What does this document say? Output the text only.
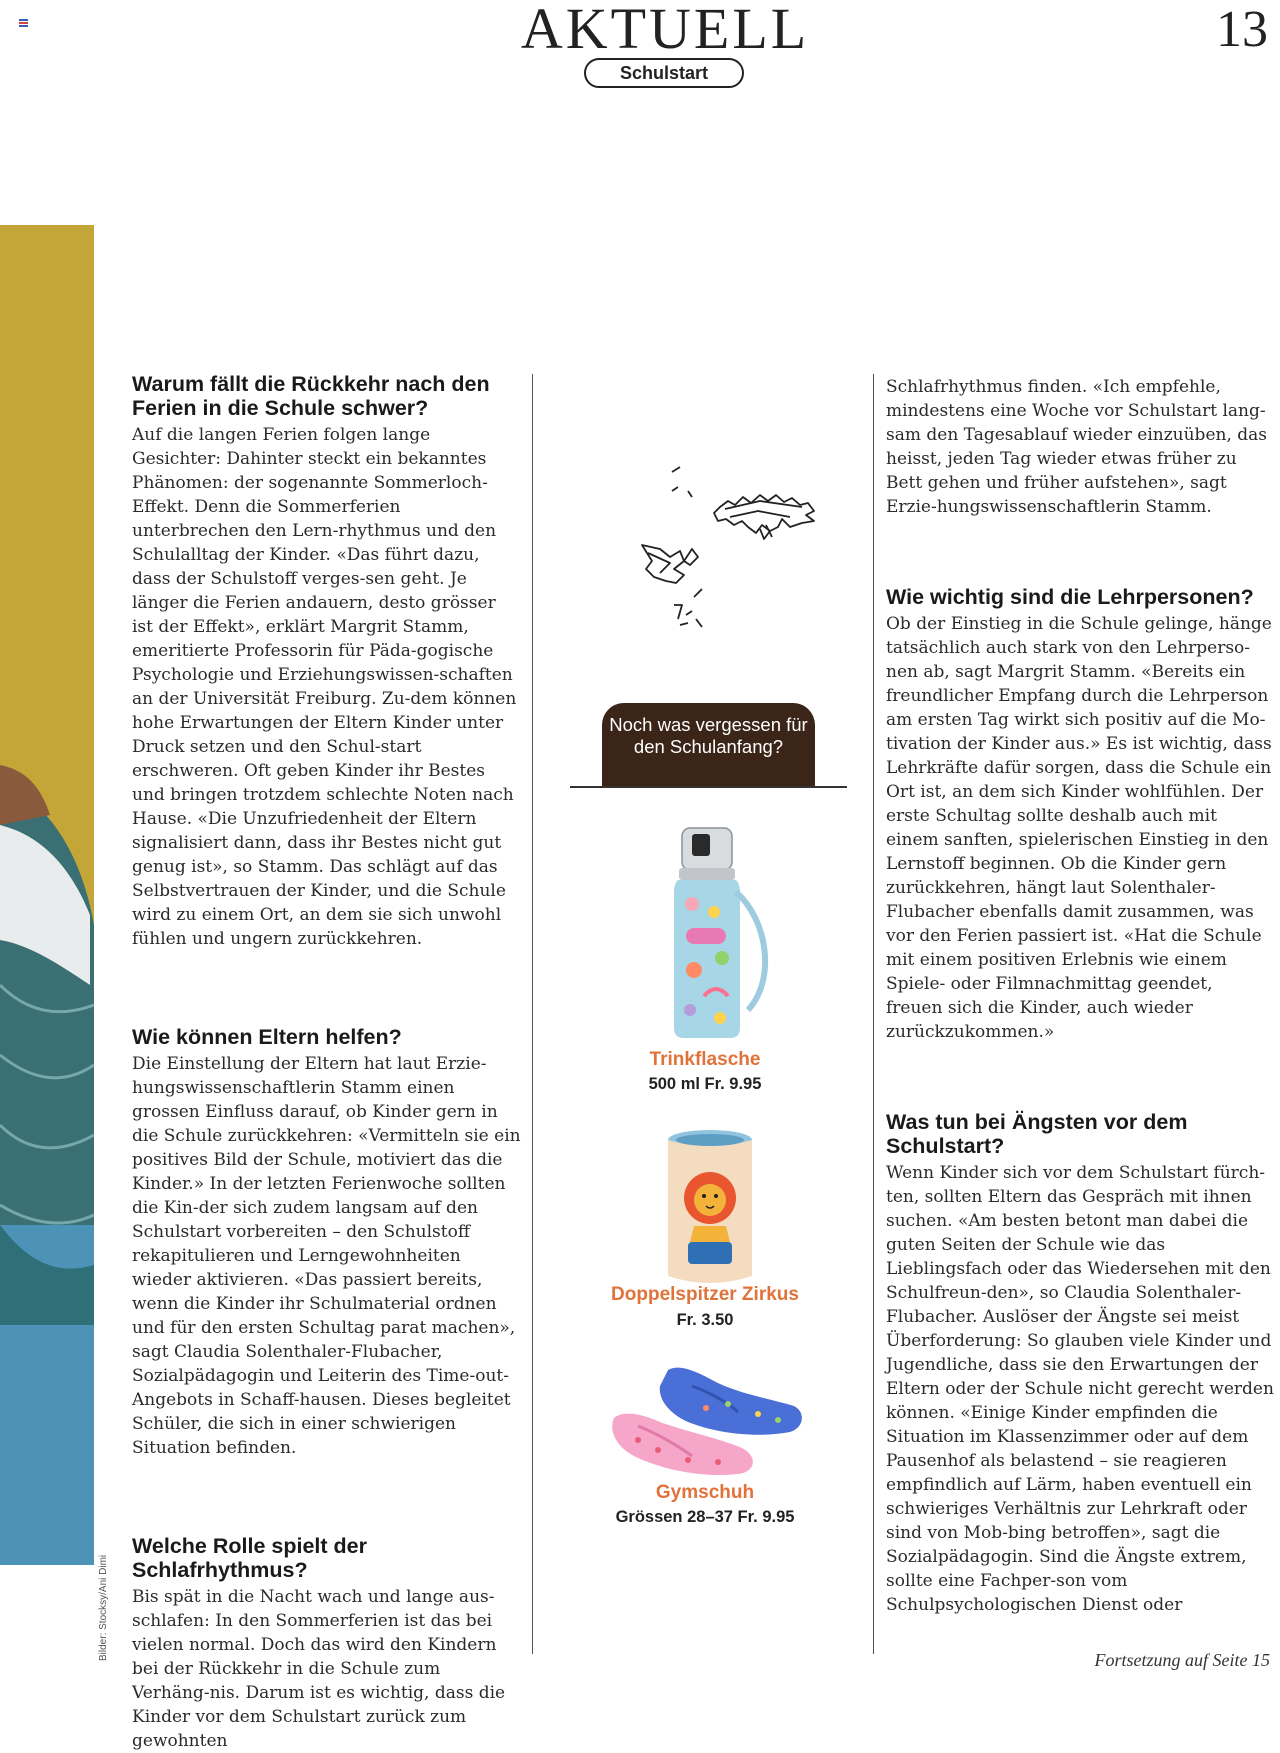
AKTUELL	13
Schulstart
Bilder: Stocksy/Ani Dimi
Warum fällt die Rückkehr nach den Ferien in die Schule schwer?

Auf die langen Ferien folgen lange Gesichter: Dahinter steckt ein bekanntes Phänomen: der sogenannte Sommerloch-Effekt. Denn die Sommerferien unterbrechen den Lern-rhythmus und den Schulalltag der Kinder. «Das führt dazu, dass der Schulstoff verges-sen geht. Je länger die Ferien andauern, desto grösser ist der Effekt», erklärt Margrit Stamm, emeritierte Professorin für Päda-gogische Psychologie und Erziehungswissen-schaften an der Universität Freiburg. Zu-dem können hohe Erwartungen der Eltern Kinder unter Druck setzen und den Schul-start erschweren. Oft geben Kinder ihr Bestes und bringen trotzdem schlechte Noten nach Hause. «Die Unzufriedenheit der Eltern signalisiert dann, dass ihr Bestes nicht gut genug ist», so Stamm. Das schlägt auf das Selbstvertrauen der Kinder, und die Schule wird zu einem Ort, an dem sie sich unwohl fühlen und ungern zurückkehren.

Wie können Eltern helfen?

Die Einstellung der Eltern hat laut Erzie-hungswissenschaftlerin Stamm einen grossen Einfluss darauf, ob Kinder gern in die Schule zurückkehren: «Vermitteln sie ein positives Bild der Schule, motiviert das die Kinder.» In der letzten Ferienwoche sollten die Kin-der sich zudem langsam auf den Schulstart vorbereiten – den Schulstoff rekapitulieren und Lerngewohnheiten wieder aktivieren. «Das passiert bereits, wenn die Kinder ihr Schulmaterial ordnen und für den ersten Schultag parat machen», sagt Claudia Solenthaler-Flubacher, Sozialpädagogin und Leiterin des Time-out-Angebots in Schaff-hausen. Dieses begleitet Schüler, die sich in einer schwierigen Situation befinden.

Welche Rolle spielt der Schlafrhythmus?

Bis spät in die Nacht wach und lange aus-schlafen: In den Sommerferien ist das bei vielen normal. Doch das wird den Kindern bei der Rückkehr in die Schule zum Verhäng-nis. Darum ist es wichtig, dass die Kinder vor dem Schulstart zurück zum gewohnten

Noch was vergessen für den Schulanfang?
Trinkflasche
500 ml Fr. 9.95
Doppelspitzer Zirkus
Fr. 3.50
Gymschuh
Grössen 28–37 Fr. 9.95

Schlafrhythmus finden. «Ich empfehle, mindestens eine Woche vor Schulstart lang-sam den Tagesablauf wieder einzuüben, das heisst, jeden Tag wieder etwas früher zu Bett gehen und früher aufstehen», sagt Erzie-hungswissenschaftlerin Stamm.

Wie wichtig sind die Lehrpersonen?

Ob der Einstieg in die Schule gelinge, hänge tatsächlich auch stark von den Lehrperso-nen ab, sagt Margrit Stamm. «Bereits ein freundlicher Empfang durch die Lehrperson am ersten Tag wirkt sich positiv auf die Mo-tivation der Kinder aus.» Es ist wichtig, dass Lehrkräfte dafür sorgen, dass die Schule ein Ort ist, an dem sich Kinder wohlfühlen. Der erste Schultag sollte deshalb auch mit einem sanften, spielerischen Einstieg in den Lernstoff beginnen. Ob die Kinder gern zurückkehren, hängt laut Solenthaler-Flubacher ebenfalls damit zusammen, was vor den Ferien passiert ist. «Hat die Schule mit einem positiven Erlebnis wie einem Spiele- oder Filmnachmittag geendet, freuen sich die Kinder, auch wieder zurückzukommen.»

Was tun bei Ängsten vor dem Schulstart?

Wenn Kinder sich vor dem Schulstart fürch-ten, sollten Eltern das Gespräch mit ihnen suchen. «Am besten betont man dabei die guten Seiten der Schule wie das Lieblingsfach oder das Wiedersehen mit den Schulfreun-den», so Claudia Solenthaler-Flubacher. Auslöser der Ängste sei meist Überforderung: So glauben viele Kinder und Jugendliche, dass sie den Erwartungen der Eltern oder der Schule nicht gerecht werden können. «Einige Kinder empfinden die Situation im Klassenzimmer oder auf dem Pausenhof als belastend – sie reagieren empfindlich auf Lärm, haben eventuell ein schwieriges Verhältnis zur Lehrkraft oder sind von Mob-bing betroffen», sagt die Sozialpädagogin. Sind die Ängste extrem, sollte eine Fachper-son vom Schulpsychologischen Dienst oder

Fortsetzung auf Seite 15
